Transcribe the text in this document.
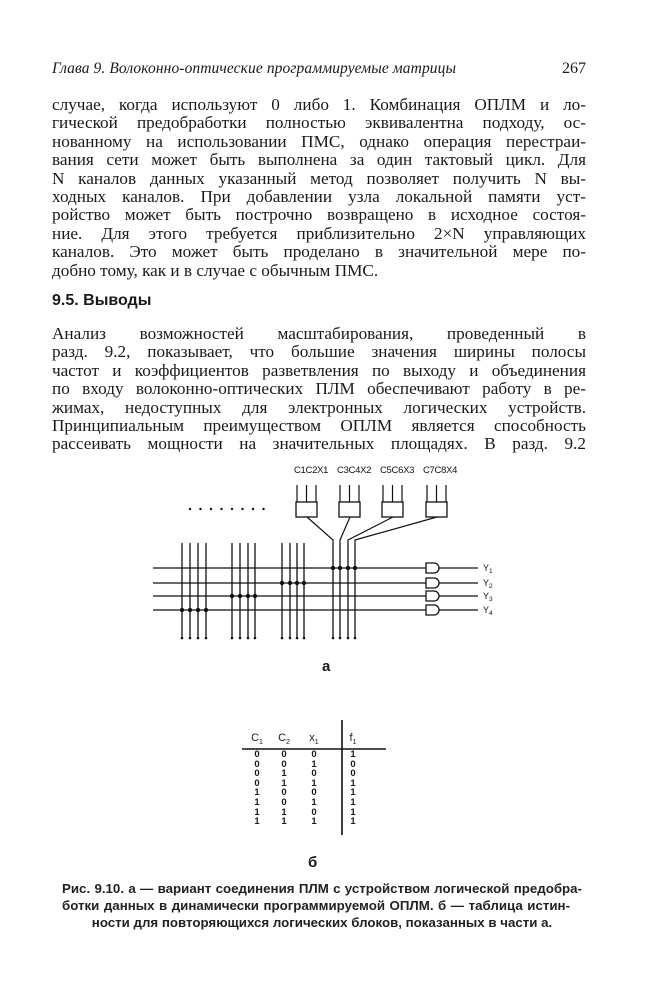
Глава 9. Волоконно-оптические программируемые матрицы	267
случае, когда используют 0 либо 1. Комбинация ОПЛМ и ло-
гической предобработки полностью эквивалентна подходу, ос-
нованному на использовании ПМС, однако операция перестраи-
вания сети может быть выполнена за один тактовый цикл. Для
N каналов данных указанный метод позволяет получить N вы-
ходных каналов. При добавлении узла локальной памяти уст-
ройство может быть построчно возвращено в исходное состоя-
ние. Для этого требуется приблизительно 2×N управляющих
каналов. Это может быть проделано в значительной мере по-
добно тому, как и в случае с обычным ПМС.
9.5. Выводы
Анализ возможностей масштабирования, проведенный в
разд. 9.2, показывает, что большие значения ширины полосы
частот и коэффициентов разветвления по выходу и объединения
по входу волоконно-оптических ПЛМ обеспечивают работу в ре-
жимах, недоступных для электронных логических устройств.
Принципиальным преимуществом ОПЛМ является способность
рассеивать мощности на значительных площадях. В разд. 9.2
$Y_1$
$Y_2$
$Y_3$
$Y_4$
C1C2X1 C3C4X2 C5C6X3 C7C8X4
а
$C_1$	$C_2$	$x_1$	$f_1$
0	0	0	1
0	0	1	0
0	1	0	0
0	1	1	1
1	0	0	1
1	0	1	1
1	1	0	1
1	1	1	1
б
Рис. 9.10. а — вариант соединения ПЛМ с устройством логической предобра-
ботки данных в динамически программируемой ОПЛМ. б — таблица истин-
ности для повторяющихся логических блоков, показанных в части а.
